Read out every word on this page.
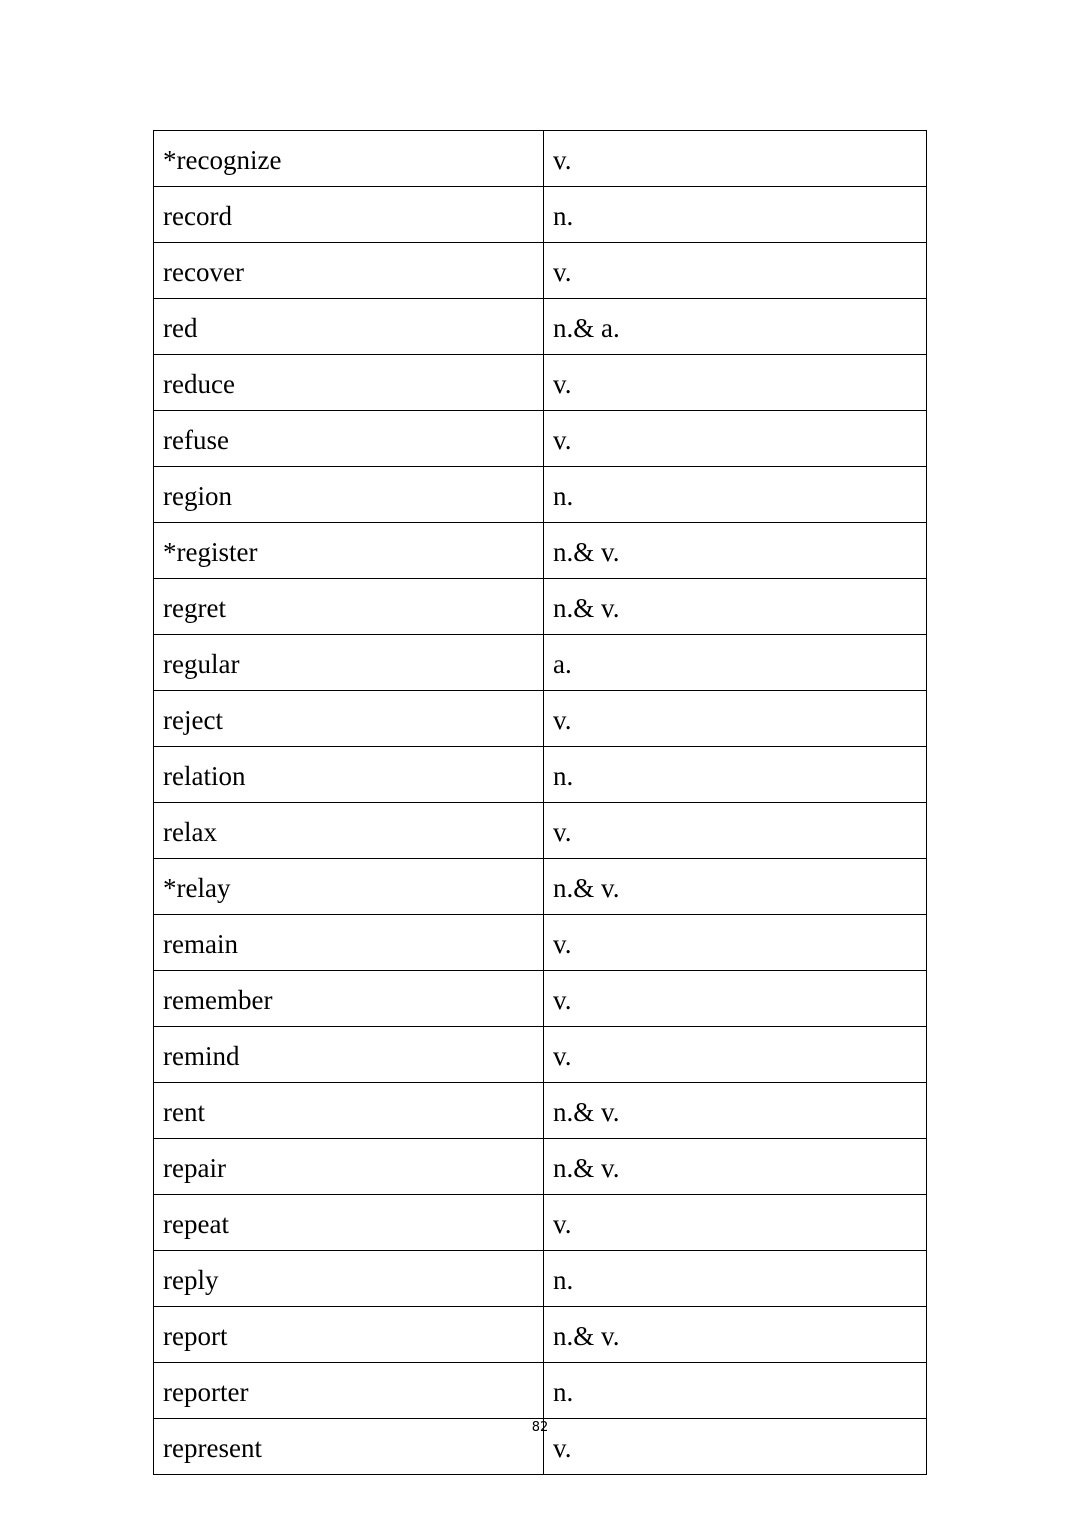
*recognize	v.
record	n.
recover	v.
red	n.& a.
reduce	v.
refuse	v.
region	n.
*register	n.& v.
regret	n.& v.
regular	a.
reject	v.
relation	n.
relax	v.
*relay	n.& v.
remain	v.
remember	v.
remind	v.
rent	n.& v.
repair	n.& v.
repeat	v.
reply	n.
report	n.& v.
reporter	n.
represent	v.
82
